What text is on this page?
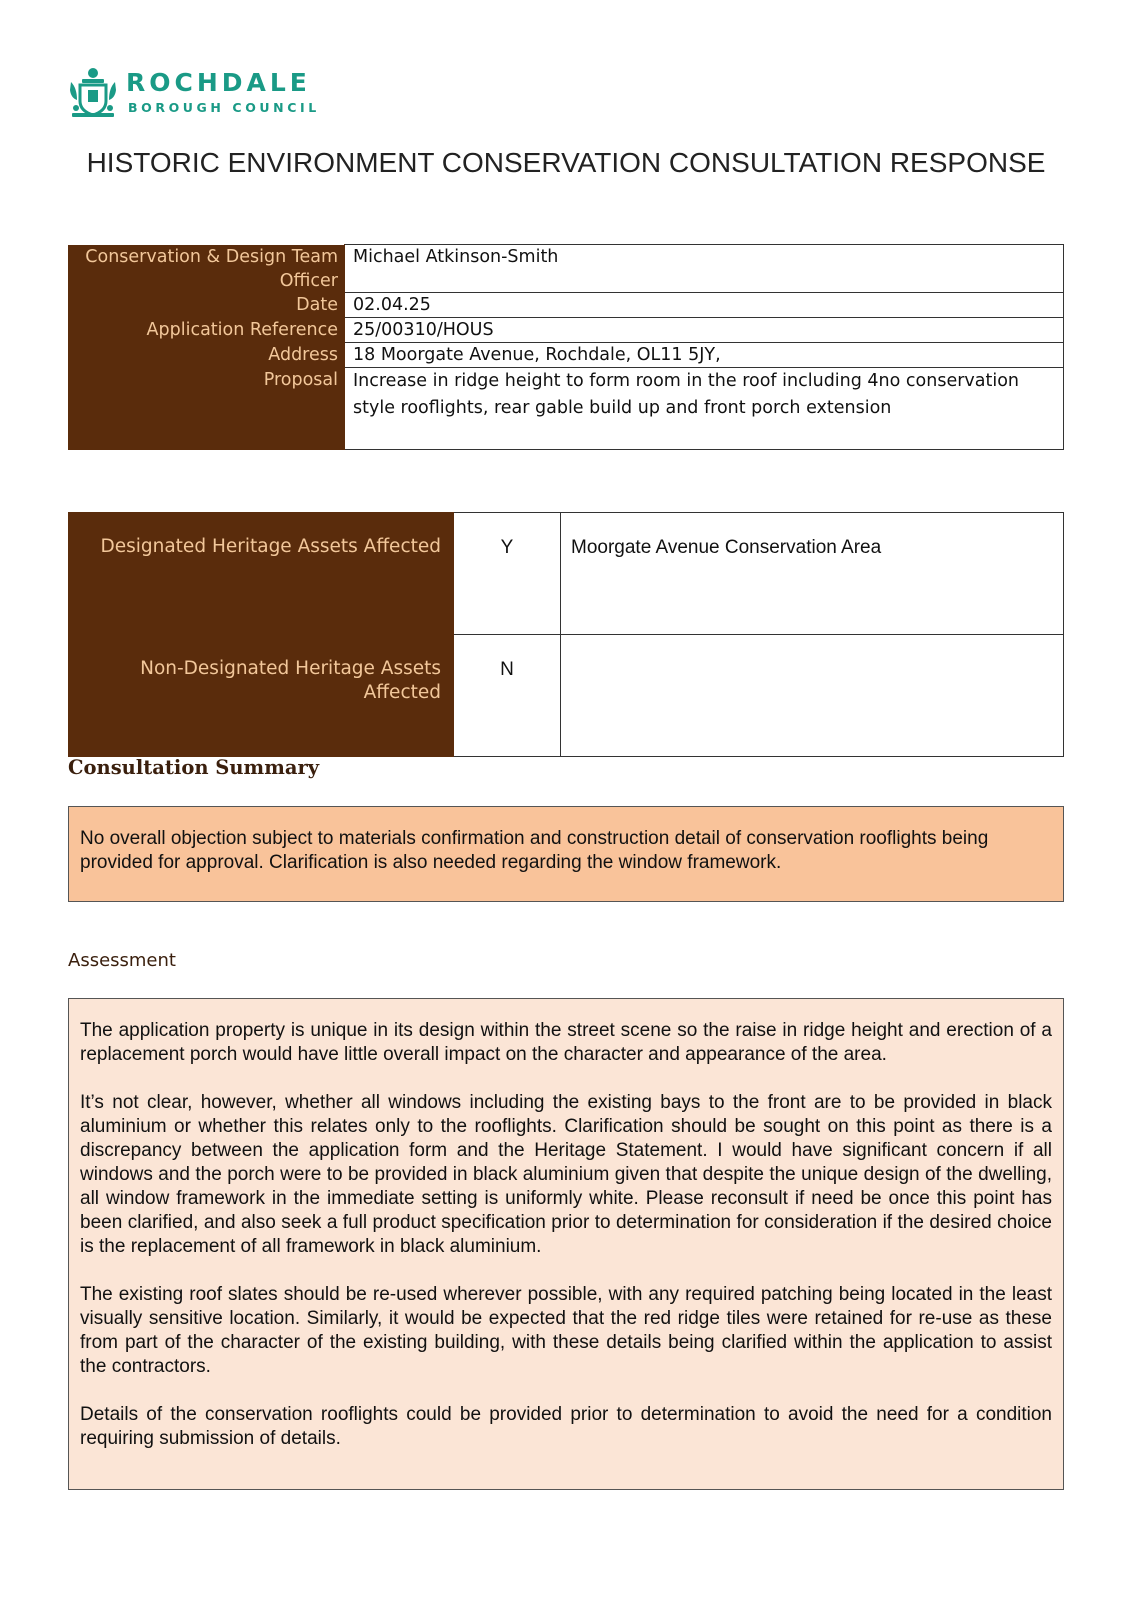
ROCHDALE
BOROUGH COUNCIL
HISTORIC ENVIRONMENT CONSERVATION CONSULTATION RESPONSE
Conservation & Design Team Officer	Michael Atkinson-Smith
Date	02.04.25
Application Reference	25/00310/HOUS
Address	18 Moorgate Avenue, Rochdale, OL11 5JY,
Proposal	Increase in ridge height to form room in the roof including 4no conservation style rooflights, rear gable build up and front porch extension
Designated Heritage Assets Affected	Y	Moorgate Avenue Conservation Area
Non-Designated Heritage Assets Affected	N	
Consultation Summary
No overall objection subject to materials confirmation and construction detail of conservation rooflights being provided for approval. Clarification is also needed regarding the window framework.
Assessment

The application property is unique in its design within the street scene so the raise in ridge height and erection of a replacement porch would have little overall impact on the character and appearance of the area.

It’s not clear, however, whether all windows including the existing bays to the front are to be provided in black aluminium or whether this relates only to the rooflights. Clarification should be sought on this point as there is a discrepancy between the application form and the Heritage Statement. I would have significant concern if all windows and the porch were to be provided in black aluminium given that despite the unique design of the dwelling, all window framework in the immediate setting is uniformly white. Please reconsult if need be once this point has been clarified, and also seek a full product specification prior to determination for consideration if the desired choice is the replacement of all framework in black aluminium.

The existing roof slates should be re-used wherever possible, with any required patching being located in the least visually sensitive location. Similarly, it would be expected that the red ridge tiles were retained for re-use as these from part of the character of the existing building, with these details being clarified within the application to assist the contractors.

Details of the conservation rooflights could be provided prior to determination to avoid the need for a condition requiring submission of details.
